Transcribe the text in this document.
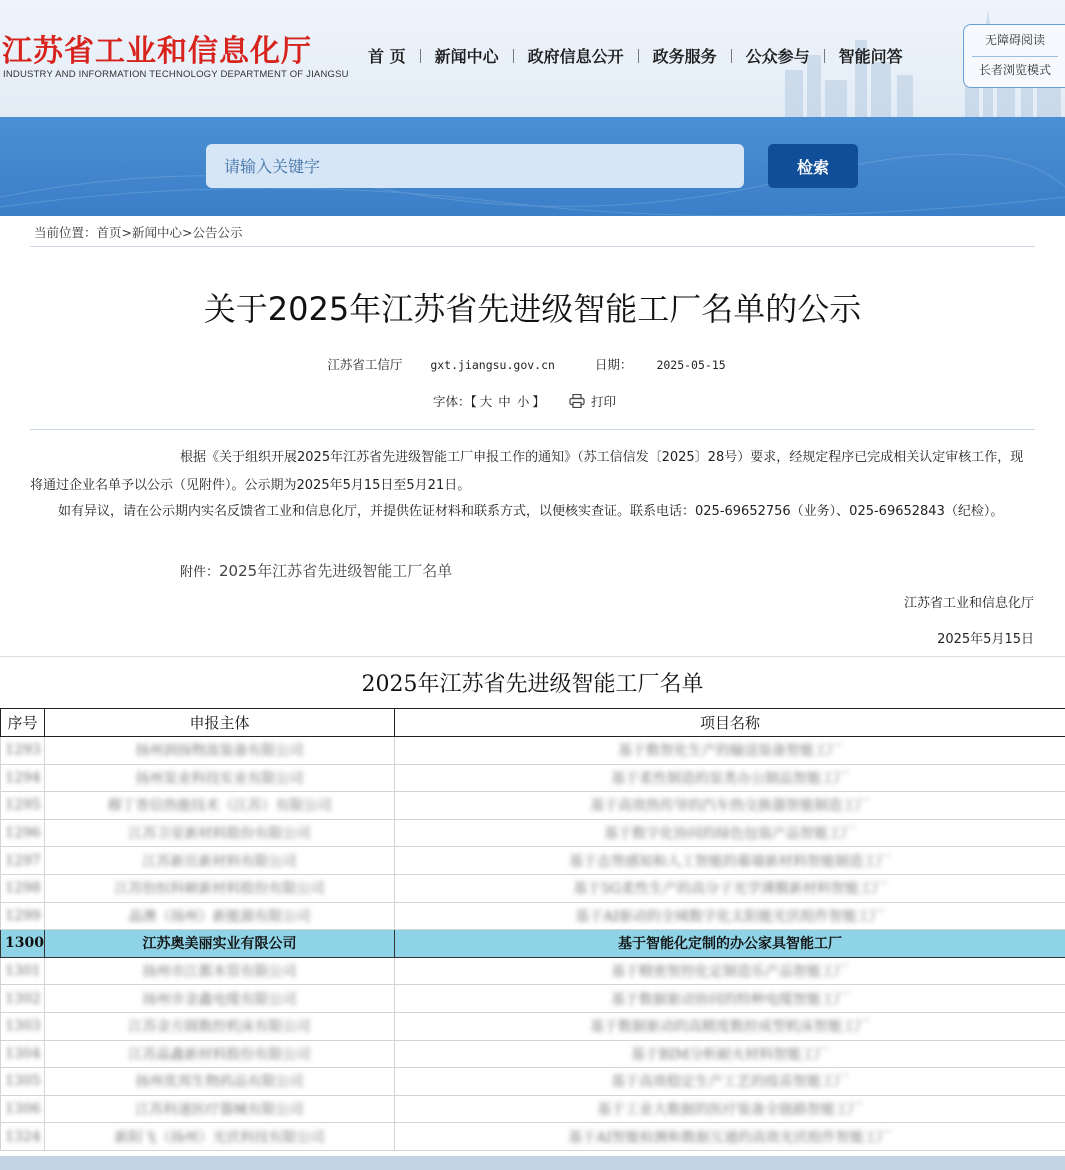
江苏省工业和信息化厅
INDUSTRY AND INFORMATION TECHNOLOGY DEPARTMENT OF JIANGSU
首 页	新闻中心	政府信息公开	政务服务	公众参与	智能问答
无障碍阅读
长者浏览模式
请输入关键字
检索
当前位置：首页>新闻中心>公告公示
关于2025年江苏省先进级智能工厂名单的公示
江苏省工信厅 gxt.jiangsu.gov.cn	日期： 2025-05-15
字体：【 大 中 小 】	打印
根据《关于组织开展2025年江苏省先进级智能工厂申报工作的通知》（苏工信信发〔2025〕28号）要求，经规定程序已完成相关认定审核工作，现将通过企业名单予以公示（见附件）。公示期为2025年5月15日至5月21日。
如有异议，请在公示期内实名反馈省工业和信息化厅，并提供佐证材料和联系方式，以便核实查证。联系电话：025-69652756（业务）、025-69652843（纪检）。
附件：2025年江苏省先进级智能工厂名单
江苏省工业和信息化厅
2025年5月15日
2025年江苏省先进级智能工厂名单
序号	申报主体	项目名称
1293	扬州润扬物流装备有限公司	基于数智化生产的输送装备智能工厂
1294	扬州泵业科技实业有限公司	基于柔性制造的泵类办公制品智能工厂
1295	穆丁普信热能技术（江苏）有限公司	基于高效热传导的汽车热交换器智能制造工厂
1296	江苏卫星新材料股份有限公司	基于数字化协同的绿色包装产品智能工厂
1297	江苏新岳新材料有限公司	基于态势感知和人工智能的幕墙新材料智能制造工厂
1298	江苏怡恒科顿新材料股份有限公司	基于5G柔性生产的高分子光学薄膜新材料智能工厂
1299	晶澳（扬州）新能源有限公司	基于AI驱动的全域数字化太阳能光伏组件智能工厂
1300	江苏奥美丽实业有限公司	基于智能化定制的办公家具智能工厂
1301	扬州市江都木管有限公司	基于精密智控化定制造乐产品智能工厂
1302	扬州市金鑫电缆有限公司	基于数据驱动协同的特种电缆智能工厂
1303	江苏金方圆数控机床有限公司	基于数据驱动的高精度数控成型机床智能工厂
1304	江苏晶鑫新材料股份有限公司	基于BIM分析耐火材料智能工厂
1305	扬州优邦生物药品有限公司	基于高效稳定生产工艺的疫苗智能工厂
1306	江苏科速医疗器械有限公司	基于工业大数据的医疗装备全链路智能工厂
1324	新阳飞（扬州）光伏科技有限公司	基于AI智能检测和数据互通的高效光伏组件智能工厂
